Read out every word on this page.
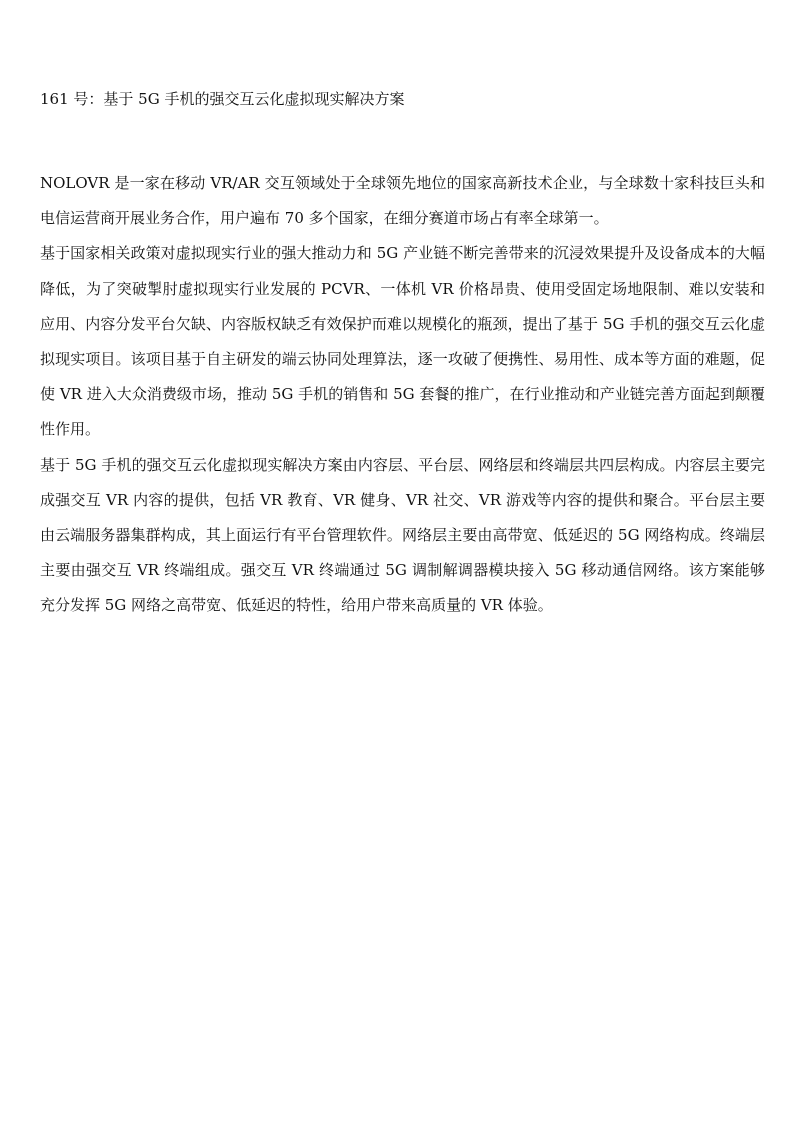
161 号：基于 5G 手机的强交互云化虚拟现实解决方案

NOLOVR 是一家在移动 VR/AR 交互领域处于全球领先地位的国家高新技术企业，与全球数十家科技巨头和电信运营商开展业务合作，用户遍布 70 多个国家，在细分赛道市场占有率全球第一。

基于国家相关政策对虚拟现实行业的强大推动力和 5G 产业链不断完善带来的沉浸效果提升及设备成本的大幅降低，为了突破掣肘虚拟现实行业发展的 PCVR、一体机 VR 价格昂贵、使用受固定场地限制、难以安装和应用、内容分发平台欠缺、内容版权缺乏有效保护而难以规模化的瓶颈，提出了基于 5G 手机的强交互云化虚拟现实项目。该项目基于自主研发的端云协同处理算法，逐一攻破了便携性、易用性、成本等方面的难题，促使 VR 进入大众消费级市场，推动 5G 手机的销售和 5G 套餐的推广，在行业推动和产业链完善方面起到颠覆性作用。

基于 5G 手机的强交互云化虚拟现实解决方案由内容层、平台层、网络层和终端层共四层构成。内容层主要完成强交互 VR 内容的提供，包括 VR 教育、VR 健身、VR 社交、VR 游戏等内容的提供和聚合。平台层主要由云端服务器集群构成，其上面运行有平台管理软件。网络层主要由高带宽、低延迟的 5G 网络构成。终端层主要由强交互 VR 终端组成。强交互 VR 终端通过 5G 调制解调器模块接入 5G 移动通信网络。该方案能够充分发挥 5G 网络之高带宽、低延迟的特性，给用户带来高质量的 VR 体验。
